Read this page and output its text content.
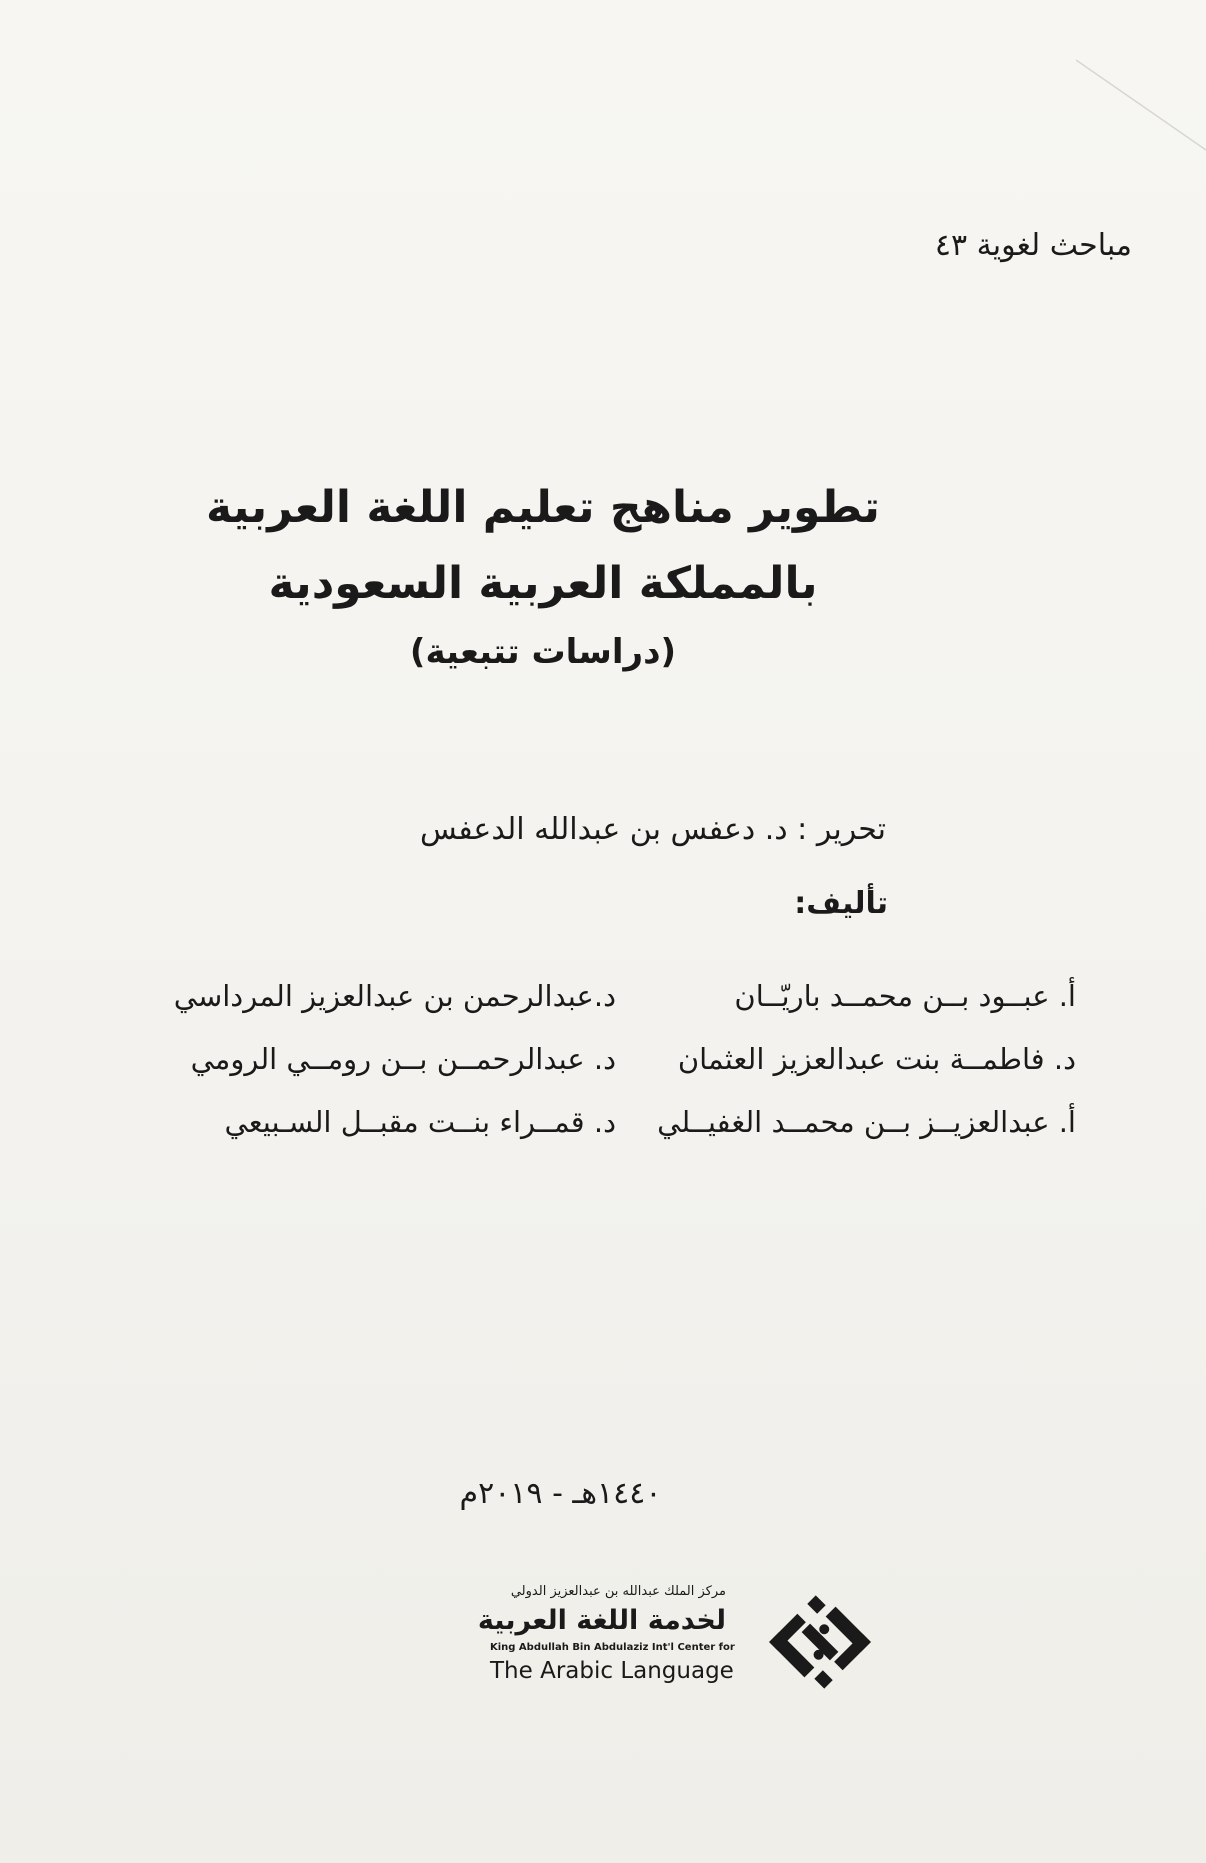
مباحث لغوية ٤٣
تطوير مناهج تعليم اللغة العربية
بالمملكة العربية السعودية
(دراسات تتبعية)
تحرير : د. دعفس بن عبدالله الدعفس
تأليف:
أ. عبــود بــن محمــد باريّــان
د.عبدالرحمن بن عبدالعزيز المرداسي
د. فاطمــة بنت عبدالعزيز العثمان
د. عبدالرحمــن بــن رومــي الرومي
أ. عبدالعزيــز بــن محمــد الغفيــلي
د. قمــراء بنــت مقبــل السـبيعي
١٤٤٠هـ - ٢٠١٩م
مركز الملك عبدالله بن عبدالعزيز الدولي
لخدمة اللغة العربية
King Abdullah Bin Abdulaziz Int'l Center for
The Arabic Language
